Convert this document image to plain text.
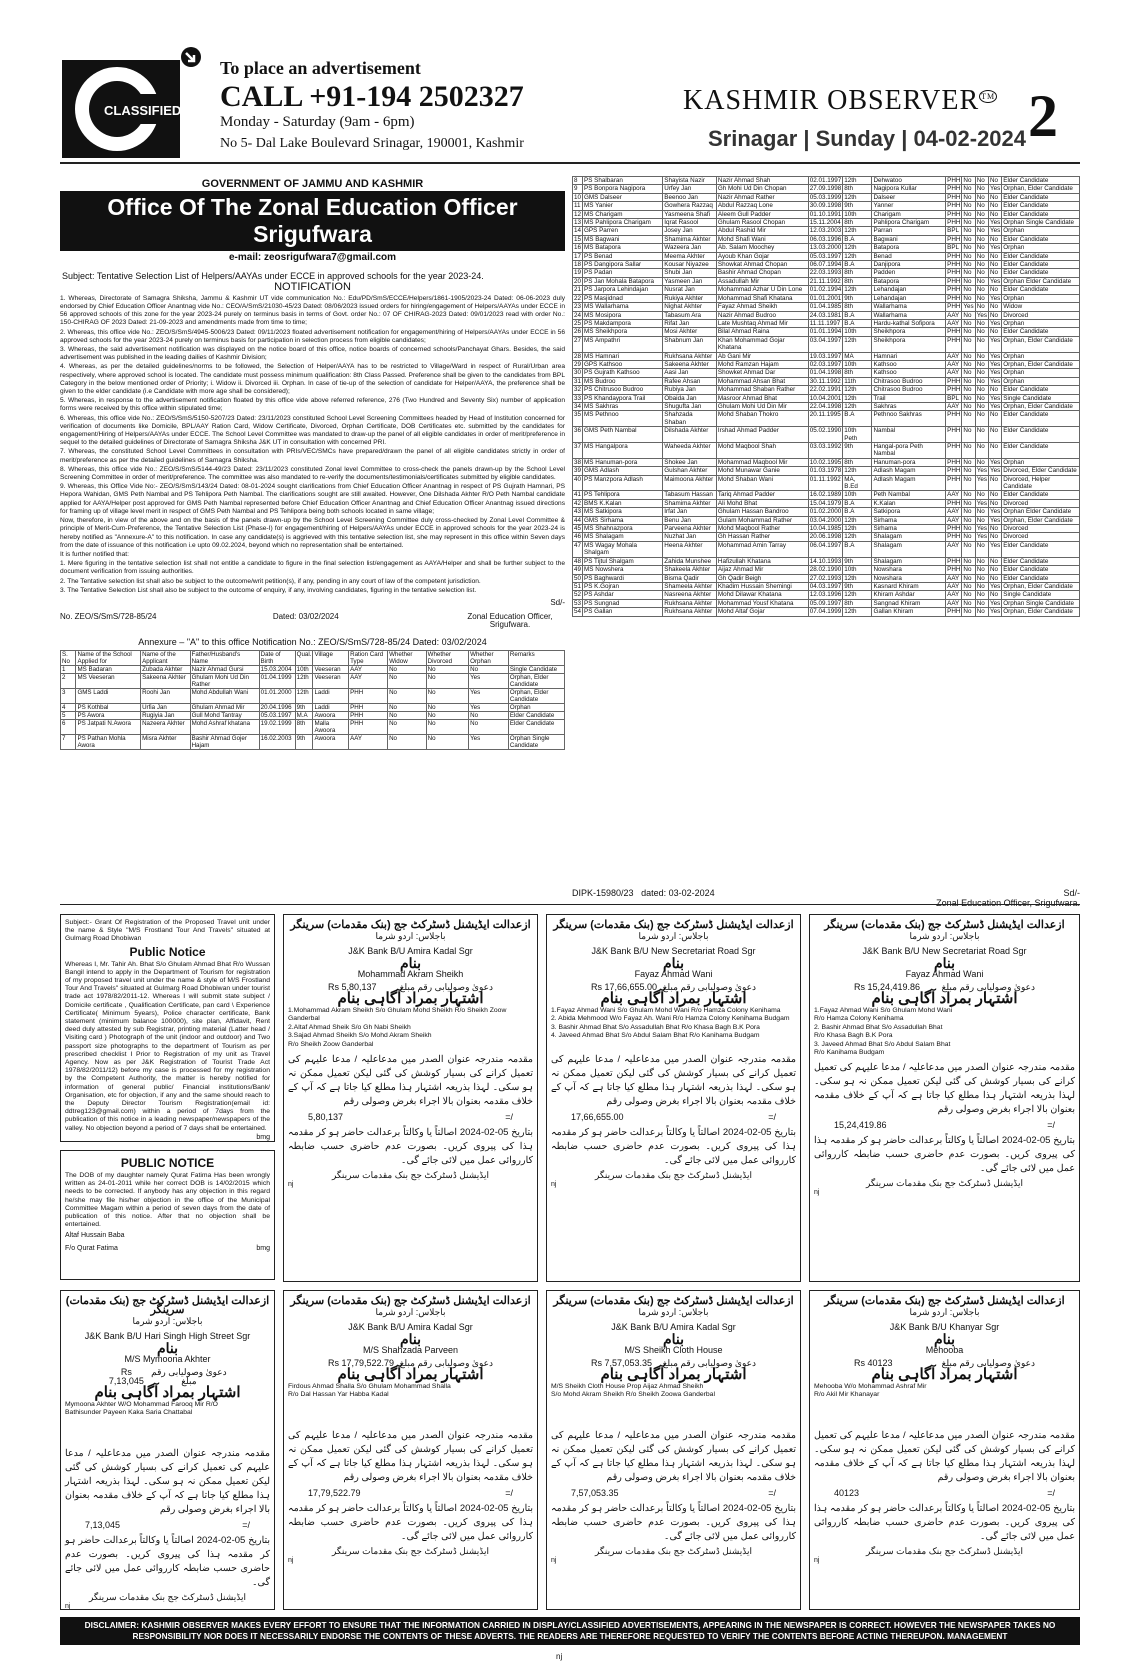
CLASSIFIED
To place an advertisement
CALL +91-194 2502327
Monday - Saturday (9am - 6pm)
No 5- Dal Lake Boulevard Srinagar, 190001, Kashmir
KASHMIR OBSERVER ™
Srinagar | Sunday | 04-02-2024 2
GOVERNMENT OF JAMMU AND KASHMIR
Office Of The Zonal Education Officer Srigufwara
e-mail: zeosrigufwara7@gmail.com
Subject: Tentative Selection List of Helpers/AAYAs under ECCE in approved schools for the year 2023-24.
NOTIFICATION
1. Whereas, Directorate of Samagra Shiksha, Jammu & Kashmir UT vide communication No.: Edu/PD/SmS/ECCE/Helpers/1861-1905/2023-24 Dated: 06-06-2023 duly endorsed by Chief Education Officer Anantnag vide No.: CEO/A/SmS/21030-45/23 Dated: 08/06/2023 issued orders for hiring/engagement of Helpers/AAYAs under ECCE in 56 approved schools of this zone for the year 2023-24 purely on terminus basis in terms of Govt. order No.: 07 OF CHIRAG-2023 Dated: 09/01/2023 read with order No.: 150-CHIRAG OF 2023 Dated: 21-09-2023 and amendments made from time to time;
2. Whereas, this office vide No.: ZEO/S/SmS/4945-5006/23 Dated: 09/11/2023 floated advertisement notification for engagement/hiring of Helpers/AAYAs under ECCE in 56 approved schools for the year 2023-24 purely on terminus basis for participation in selection process from eligible candidates;
3. Whereas, the said advertisement notification was displayed on the notice board of this office, notice boards of concerned schools/Panchayat Ghars. Besides, the said advertisement was published in the leading dailies of Kashmir Division;
4. Whereas, as per the detailed guidelines/norms to be followed, the Selection of Helper/AAYA has to be restricted to Village/Ward in respect of Rural/Urban area respectively, where approved school is located. The candidate must possess minimum qualification: 8th Class Passed. Preference shall be given to the candidates from BPL Category in the below mentioned order of Priority; i. Widow ii. Divorced iii. Orphan. In case of tie-up of the selection of candidate for Helper/AAYA, the preference shall be given to the elder candidate (i.e Candidate with more age shall be considered);
5. Whereas, in response to the advertisement notification floated by this office vide above referred reference, 276 (Two Hundred and Seventy Six) number of application forms were received by this office within stipulated time;
6. Whereas, this office vide No.: ZEO/S/SmS/5150-5207/23 Dated: 23/11/2023 constituted School Level Screening Committees headed by Head of Institution concerned for verification of documents like Domicile, BPL/AAY Ration Card, Widow Certificate, Divorced, Orphan Certificate, DOB Certificates etc. submitted by the candidates for engagement/Hiring of Helpers/AAYAs under ECCE. The School Level Committee was mandated to draw-up the panel of all eligible candidates in order of merit/preference in sequel to the detailed guidelines of Directorate of Samagra Shiksha J&K UT in consultation with concerned PRI.
7. Whereas, the constituted School Level Committees in consultation with PRIs/VEC/SMCs have prepared/drawn the panel of all eligible candidates strictly in order of merit/preference as per the detailed guidelines of Samagra Shiksha.
8. Whereas, this office vide No.: ZEO/S/SmS/5144-49/23 Dated: 23/11/2023 constituted Zonal level Committee to cross-check the panels drawn-up by the School Level Screening Committee in order of merit/preference. The committee was also mandated to re-verify the documents/testimonials/certificates submitted by eligible candidates.
9. Whereas, this Office Vide No:- ZEO/S/SmS/143/24 Dated: 08-01-2024 sought clarifications from Chief Education Officer Anantnag in respect of PS Gujrath Hamnari, PS Hepora Wahidan, GMS Peth Nambal and PS Tehlipora Peth Nambal. The clarifications sought are still awaited. However, One Dilshada Akhter R/O Peth Nambal candidate applied for AAYA/Helper post approved for GMS Peth Nambal represented before Chief Education Officer Anantnag and Chief Education Officer Anantnag issued directions for framing up of village level merit in respect of GMS Peth Nambal and PS Tehlipora being both schools located in same village;
Now, therefore, in view of the above and on the basis of the panels drawn-up by the School Level Screening Committee duly cross-checked by Zonal Level Committee & principle of Merit-Cum-Preference, the Tentative Selection List (Phase-I) for engagement/hiring of Helpers/AAYAs under ECCE in approved schools for the year 2023-24 is hereby notified as "Annexure-A" to this notification. In case any candidate(s) is aggrieved with this tentative selection list, she may represent in this office within Seven days from the date of issuance of this notification i.e upto 09.02.2024, beyond which no representation shall be entertained.
It is further notified that:
1. Mere figuring in the tentative selection list shall not entitle a candidate to figure in the final selection list/engagement as AAYA/Helper and shall be further subject to the document verification from issuing authorities.
2. The Tentative selection list shall also be subject to the outcome/writ petition(s), if any, pending in any court of law of the competent jurisdiction.
3. The Tentative Selection List shall also be subject to the outcome of enquiry, if any, involving candidates, figuring in the tentative selection list.
Sd/-
No. ZEO/S/SmS/728-85/24	Dated: 03/02/2024	Zonal Education Officer, Srigufwara.
Annexure – "A" to this office Notification No.: ZEO/S/SmS/728-85/24 Dated: 03/02/2024
S. No	Name of the School Applied for	Name of the Applicant	Father/Husband's Name	Date of Birth	Qual.	Village	Ration Card Type	Whether Widow	Whether Divorced	Whether Orphan	Remarks
1	MS Badaran	Zubada Akhter	Nazir Ahmad Gursi	15.03.2004	10th	Veeseran	AAY	No	No	No	Single Candidate
2	MS Veeseran	Sakeena Akhter	Ghulam Mohi Ud Din Rather	01.04.1999	12th	Veeseran	AAY	No	No	Yes	Orphan, Elder Candidate
3	GMS Laddi	Roohi Jan	Mohd Abdullah Wani	01.01.2000	12th	Laddi	PHH	No	No	Yes	Orphan, Elder Candidate
4	PS Kothbal	Urfia Jan	Ghulam Ahmad Mir	20.04.1996	9th	Laddi	PHH	No	No	Yes	Orphan
5	PS Awora	Rugiyia Jan	Gull Mohd Tantray	05.03.1997	M.A	Awoora	PHH	No	No	No	Elder Candidate
6	PS Jatpati N.Awora	Nazeera Akhter	Mohd Ashraf khatana	19.02.1999	8th	Malla Awoora	PHH	No	No	No	Elder Candidate
7	PS Pathan Mohla Awora	Misra Akhter	Bashir Ahmad Gojer Hajam	16.02.2003	9th	Awoora	AAY	No	No	Yes	Orphan Single Candidate
8	PS Shalbaran	Shayista Nazir	Nazir Ahmad Shah	02.01.1997	12th	Dehwatoo	PHH	No	No	No	Elder Candidate
9	PS Bonpora Nagipora	Urfey Jan	Gh Mohi Ud Din Chopan	27.09.1998	8th	Nagipora Kullar	PHH	No	No	Yes	Orphan, Elder Candidate
10	GMS Dalseer	Beenoo Jan	Nazir Ahmad Rather	05.03.1999	12th	Dalseer	PHH	No	No	No	Elder Candidate
11	MS Yanier	Gowhera Razzaq	Abdul Razzaq Lone	30.09.1998	9th	Yanner	PHH	No	No	No	Elder Candidate
12	MS Charigam	Yasmeena Shafi	Aleem Gull Padder	01.10.1991	10th	Charigam	PHH	No	No	No	Elder Candidate
13	MS Pahlipora Charigam	Iqrat Rasool	Ghulam Rasool Chopan	15.11.2004	8th	Pahlipora Charigam	PHH	No	No	Yes	Orphan Single Candidate
14	GPS Parren	Josey Jan	Abdul Rashid Mir	12.03.2003	12th	Parran	BPL	No	No	Yes	Orphan
15	MS Bagwani	Shamima Akhter	Mohd Shafi Wani	06.03.1996	B.A	Bagwani	PHH	No	No	No	Elder Candidate
16	MS Batapora	Wazeera Jan	Ab. Salam Moochey	13.03.2000	12th	Batapora	BPL	No	No	Yes	Orphan
17	PS Benad	Meema Akhter	Ayoub Khan Gojar	05.03.1997	12th	Benad	PHH	No	No	No	Elder Candidate
18	PS Dangipora Sallar	Kousar Niyazee	Showkat Ahmad Chopan	06.07.1994	B.A	Danjipora	PHH	No	No	No	Elder Candidate
19	PS Padan	Shubi Jan	Bashir Ahmad Chopan	22.03.1993	8th	Padden	PHH	No	No	No	Elder Candidate
20	PS Jan Mohala Batapora	Yasmeen Jan	Assadullah Mir	21.11.1992	8th	Batapora	PHH	No	No	Yes	Orphan Elder Candidate
21	PS Jarpora Lehindajan	Nusrat Jan	Mohammad Azhar U Din Lone	01.02.1994	12th	Lehandajan	PHH	No	No	No	Elder Candidate
22	PS Masjidnad	Rukiya Akhter	Mohammad Shafi Khatana	01.01.2001	9th	Lehandajan	PHH	No	No	Yes	Orphan
23	MS Wallarhama	Nighat Akhter	Fayaz Ahmad Sheikh	01.04.1985	8th	Wallarhama	PHH	Yes	No	No	Widow
24	MS Mosipora	Tabasum Ara	Nazir Ahmad Budroo	24.03.1981	B.A	Wallarhama	AAY	No	Yes	No	Divorced
25	PS Makdampora	Rifat Jan	Late Mushtaq Ahmad Mir	11.11.1997	B.A	Hardu-kathal Sofipora	AAY	No	No	Yes	Orphan
26	MS Sheikhpora	Mosi Akhter	Bilal Ahmad Raina	01.01.1994	10th	Sheikhpora	PHH	No	No	No	Elder Candidate
27	MS Ampathri	Shabnum Jan	Khan Mohammad Gojar Khatana	03.04.1997	12th	Sheikhpora	PHH	No	No	Yes	Orphan, Elder Candidate
28	MS Hamnari	Rukhsana Akhter	Ab Gani Mir	19.03.1997	MA	Hamnari	AAY	No	No	Yes	Orphan
29	GPS Kathsoo	Sakeena Akhter	Mohd Ramzan Hajam	02.03.1997	10th	Kathsoo	AAY	No	No	Yes	Orphan, Elder Candidate
30	PS Gujrath Kathsoo	Aasi Jan	Showket Ahmad Dar	01.04.1998	8th	Kathsoo	AAY	No	No	Yes	Orphan
31	MS Budroo	Rafee Ahsan	Mohammad Ahsan Bhat	30.11.1992	11th	Chitrasoo Budroo	PHH	No	No	Yes	Orphan
32	PS Chitrusoo Budroo	Rubiya Jan	Mohammad Shaban Rather	22.02.1991	12th	Chitrasoo Budroo	PHH	No	No	No	Elder Candidate
33	PS Khandaypora Trail	Obaida Jan	Masroor Ahmad Bhat	10.04.2001	12th	Trail	BPL	No	No	Yes	Single Candidate
34	MS Sakhras	Shugufta Jan	Ghulam Mohi Ud Din Mir	22.04.1998	12th	Sakhras	AAY	No	No	Yes	Orphan, Elder Candidate
35	MS Pethnoo	Shahzada Shaban	Mohd Shaban Thokro	20.11.1995	B.A	Pethnoo Sakhras	PHH	No	No	No	Elder Candidate
36	GMS Peth Nambal	Dilshada Akhter	Irshad Ahmad Padder	05.02.1990	10th Peth	Nambal	PHH	No	No	No	Elder Candidate
37	MS Hangalpora	Waheeda Akhter	Mohd Maqbool Shah	03.03.1992	9th	Hangal-pora Peth Nambal	PHH	No	No	No	Elder Candidate
38	MS Hanuman-pora	Shokee Jan	Mohammad Maqbool Mir	10.02.1995	8th	Hanuman-pora	PHH	No	No	Yes	Orphan
39	GMS Adlash	Gulshan Akhter	Mohd Munawar Ganie	01.03.1978	12th	Adlash Magam	PHH	No	Yes	Yes	Divorced, Elder Candidate
40	PS Manzpora Adlash	Maimoona Akhter	Mohd Shaban Wani	01.11.1992	MA, B.Ed	Adlash Magam	PHH	No	Yes	No	Divorced, Helper Candidate
41	PS Tehlipora	Tabasum Hassan	Tariq Ahmad Padder	16.02.1989	10th	Peth Nambal	AAY	No	No	No	Elder Candidate
42	BMS K.Kalan	Shamima Akhter	Ali Mohd Bhat	15.04.1979	B.A	K.Kalan	PHH	No	Yes	No	Divorced
43	MS Satkipora	Irfat Jan	Ghulam Hassan Bandroo	01.02.2000	B.A	Satkipora	AAY	No	No	Yes	Orphan Elder Candidate
44	GMS Sirhama	Benu Jan	Gulam Mohammad Rather	03.04.2000	12th	Sirhama	AAY	No	No	Yes	Orphan, Elder Candidate
45	MS Shahnazpora	Parveena Akhter	Mohd Maqbool Rather	10.04.1985	12th	Sirhama	PHH	No	Yes	No	Divorced
46	MS Shalagam	Nuzhat Jan	Gh Hassan Rather	20.06.1998	12th	Shalagam	PHH	No	Yes	No	Divorced
47	MS Wagay Mohala Shalgam	Heena Akhter	Mohammad Amin Tarray	06.04.1997	B.A	Shalagam	AAY	No	No	Yes	Elder Candidate
48	PS Tijtul Shalgam	Zahida Munshee	Hafizullah Khatana	14.10.1993	9th	Shalagam	PHH	No	No	No	Elder Candidate
49	MS Nowshera	Shakeela Akhter	Aijaz Ahmad Mir	28.02.1990	10th	Nowshara	PHH	No	No	No	Elder Candidate
50	PS Baghwardi	Bisma Qadir	Gh Qadir Beigh	27.02.1993	12th	Nowshara	AAY	No	No	No	Elder Candidate
51	PS K.Gojran	Shameela Akhter	Khadim Hussain Shemingi	04.03.1997	9th	Kasnard Khiram	AAY	No	No	Yes	Orphan, Elder Candidate
52	PS Ashdar	Nasreena Akhter	Mohd Dilawar Khatana	12.03.1996	12th	Khiram Ashdar	AAY	No	No	No	Single Candidate
53	PS Sungnad	Rukhsana Akhter	Mohammad Yousf Khatana	05.09.1997	8th	Sangnad Khiram	AAY	No	No	Yes	Orphan Single Candidate
54	PS Gallan	Rukhsana Akhter	Mohd Altaf Gojar	07.04.1999	12th	Gallan Khiram	PHH	No	No	Yes	Orphan, Elder Candidate
DIPK-15980/23 dated: 03-02-2024	Sd/-
Zonal Education Officer, Srigufwara.
Subject:- Grant Of Registration of the Proposed Travel unit under the name & Style "M/S Frostland Tour And Travels" situated at Gulmarg Road Dhobiwan
Public Notice
Whereas I, Mr. Tahir Ah. Bhat S/o Ghulam Ahmad Bhat R/o Wussan Bangil intend to apply in the Department of Tourism for registration of my proposed travel unit under the name & style of M/S Frostland Tour And Travels" situated at Gulmarg Road Dhobiwan under tourist trade act 1978/82/2011-12. Whereas I will submit state subject / Domicile certificate , Qualification Certificate, pan card \ Experience Certificate( Minimum 5years), Police character certificate, Bank statement (minimum balance 100000), site plan, Affidavit, Rent deed duly attested by sub Registrar, printing material (Latter head / Visiting card ) Photograph of the unit (indoor and outdoor) and Two passport size photographs to the department of Tourism as per prescribed checklist I Prior to Registration of my unit as Travel Agency. Now as per J&K Registration of Tourist Trade Act 1978/82/2011/12) before my case is processed for my registration by the Competent Authority, the matter is hereby notified for information of general public/ Financial institutions/Bank/ Organisation, etc for objection, if any and the same should reach to the Deputy Director Tourism Registration(email id: ddtreg123@gmail.com) within a period of 7days from the publication of this notice in a leading newspaper/newspapers of the valley. No objection beyond a period of 7 days shall be entertained.
bmg
PUBLIC NOTICE
The DOB of my daughter namely Qurat Fatima Has been wrongly written as 24-01-2011 while her correct DOB is 14/02/2015 which needs to be corrected. If anybody has any objection in this regard he/she may file his/her objection in the office of the Municipal Committee Magam within a period of seven days from the date of publication of this notice. After that no objection shall be entertained.
Altaf Hussain Baba
F/o Qurat Fatima	bmg
ازعدالت ایڈیشنل ڈسٹرکٹ جج (بنک مقدمات) سرینگر
باجلاس: اردو شرما
J&K Bank B/U Amira Kadal Sgr
بنام
Mohammad Akram Sheikh
Rs 5,80,137	دعویٰ وصولیابی رقم مبلغ
اشتہار بمراد آگاہی بنام
1.Mohammad Akram Sheikh S/o Ghulam Mohd Sheikh R/o Sheikh Zoow Ganderbal
2.Altaf Ahmad Sheik S/o Gh Nabi Sheikh
3.Sajad Ahmad Sheikh S/o Mohd Akram Sheikh
R/o Sheikh Zoow Ganderbal
مقدمہ مندرجہ عنوان الصدر میں مدعاعلیہ / مدعا علیہم کی تعمیل کرانے کی بسیار کوشش کی گئی لیکن تعمیل ممکن نہ ہو سکی۔ لہذا بذریعہ اشتہار ہذا مطلع کیا جاتا ہے کہ آپ کے خلاف مقدمہ بعنوان بالا اجراء بغرض وصولی رقم
5,80,137	=/
بتاریخ 05-02-2024 اصالتاً یا وکالتاً برعدالت حاضر ہو کر مقدمہ ہذا کی پیروی کریں۔ بصورت عدم حاضری حسب ضابطہ کارروائی عمل میں لائی جائے گی۔
ایڈیشنل ڈسٹرکٹ جج بنک مقدمات سرینگر
nj
ازعدالت ایڈیشنل ڈسٹرکٹ جج (بنک مقدمات) سرینگر
باجلاس: اردو شرما
J&K Bank B/U New Secretariat Road Sgr
بنام
Fayaz Ahmad Wani
Rs 17,66,655.00 دعویٰ وصولیابی رقم مبلغ
اشتہار بمراد آگاہی بنام
1.Fayaz Ahmad Wani S/o Ghulam Mohd Wani R/o Hamza Colony Kenihama
2. Abida Mehmood W/o Fayaz Ah. Wani R/o Hamza Colony Kenihama Budgam
3. Bashir Ahmad Bhat S/o Assadullah Bhat R/o Khasa Bagh B.K Pora
4. Javeed Ahmad Bhat S/o Abdul Salam Bhat R/o Kanihama Budgam
مقدمہ مندرجہ عنوان الصدر میں مدعاعلیہ / مدعا علیہم کی تعمیل کرانے کی بسیار کوشش کی گئی لیکن تعمیل ممکن نہ ہو سکی۔ لہذا بذریعہ اشتہار ہذا مطلع کیا جاتا ہے کہ آپ کے خلاف مقدمہ بعنوان بالا اجراء بغرض وصولی رقم
17,66,655.00	=/
بتاریخ 05-02-2024 اصالتاً یا وکالتاً برعدالت حاضر ہو کر مقدمہ ہذا کی پیروی کریں۔ بصورت عدم حاضری حسب ضابطہ کارروائی عمل میں لائی جائے گی۔
ایڈیشنل ڈسٹرکٹ جج بنک مقدمات سرینگر
nj
ازعدالت ایڈیشنل ڈسٹرکٹ جج (بنک مقدمات) سرینگر
باجلاس: اردو شرما
J&K Bank B/U New Secretariat Road Sgr
بنام
Fayaz Ahmad Wani
Rs 15,24,419.86 دعویٰ وصولیابی رقم مبلغ
اشتہار بمراد آگاہی بنام
1.Fayaz Ahmad Wani S/o Ghulam Mohd Wani
R/o Hamza Colony Kenihama
2. Bashir Ahmad Bhat S/o Assadullah Bhat
R/o Khasa Bagh B.K Pora
3. Javeed Ahmad Bhat S/o Abdul Salam Bhat
R/o Kanihama Budgam
مقدمہ مندرجہ عنوان الصدر میں مدعاعلیہ / مدعا علیہم کی تعمیل کرانے کی بسیار کوشش کی گئی لیکن تعمیل ممکن نہ ہو سکی۔ لہذا بذریعہ اشتہار ہذا مطلع کیا جاتا ہے کہ آپ کے خلاف مقدمہ بعنوان بالا اجراء بغرض وصولی رقم
15,24,419.86	=/
بتاریخ 05-02-2024 اصالتاً یا وکالتاً برعدالت حاضر ہو کر مقدمہ ہذا کی پیروی کریں۔ بصورت عدم حاضری حسب ضابطہ کارروائی عمل میں لائی جائے گی۔
ایڈیشنل ڈسٹرکٹ جج بنک مقدمات سرینگر
nj
ازعدالت ایڈیشنل ڈسٹرکٹ جج (بنک مقدمات) سرینگر
باجلاس: اردو شرما
J&K Bank B/U Hari Singh High Street Sgr
بنام
M/S Mymoona Akhter
Rs 7,13,045
دعویٰ وصولیابی رقم مبلغ
اشتہار بمراد آگاہی بنام
Mymoona Akhter W/O Mohammad Farooq Mir R/O
Bathisunder Payeen Kaka Saria Chattabal
مقدمہ مندرجہ عنوان الصدر میں مدعاعلیہ / مدعا علیہم کی تعمیل کرانے کی بسیار کوشش کی گئی لیکن تعمیل ممکن نہ ہو سکی۔ لہذا بذریعہ اشتہار ہذا مطلع کیا جاتا ہے کہ آپ کے خلاف مقدمہ بعنوان بالا اجراء بغرض وصولی رقم
7,13,045	=/
بتاریخ 05-02-2024 اصالتاً یا وکالتاً برعدالت حاضر ہو کر مقدمہ ہذا کی پیروی کریں۔ بصورت عدم حاضری حسب ضابطہ کارروائی عمل میں لائی جائے گی۔
ایڈیشنل ڈسٹرکٹ جج بنک مقدمات سرینگر
nj
ازعدالت ایڈیشنل ڈسٹرکٹ جج (بنک مقدمات) سرینگر
باجلاس: اردو شرما
J&K Bank B/U Amira Kadal Sgr
بنام
M/S Shahzada Parveen
Rs 17,79,522.79 دعویٰ وصولیابی رقم مبلغ
اشتہار بمراد آگاہی بنام
Firdous Ahmad Shalla S/o Ghulam Mohammad Shalla
R/o Dal Hassan Yar Habba Kadal
مقدمہ مندرجہ عنوان الصدر میں مدعاعلیہ / مدعا علیہم کی تعمیل کرانے کی بسیار کوشش کی گئی لیکن تعمیل ممکن نہ ہو سکی۔ لہذا بذریعہ اشتہار ہذا مطلع کیا جاتا ہے کہ آپ کے خلاف مقدمہ بعنوان بالا اجراء بغرض وصولی رقم
17,79,522.79	=/
بتاریخ 05-02-2024 اصالتاً یا وکالتاً برعدالت حاضر ہو کر مقدمہ ہذا کی پیروی کریں۔ بصورت عدم حاضری حسب ضابطہ کارروائی عمل میں لائی جائے گی۔
ایڈیشنل ڈسٹرکٹ جج بنک مقدمات سرینگر
nj
ازعدالت ایڈیشنل ڈسٹرکٹ جج (بنک مقدمات) سرینگر
باجلاس: اردو شرما
J&K Bank B/U Amira Kadal Sgr
بنام
M/S Sheikh Cloth House
Rs 7,57,053.35 دعویٰ وصولیابی رقم مبلغ
اشتہار بمراد آگاہی بنام
M/S Sheikh Cloth House Prop Aijaz Ahmad Sheikh
S/o Mohd Akram Sheikh R/o Sheikh Zoowa Ganderbal
مقدمہ مندرجہ عنوان الصدر میں مدعاعلیہ / مدعا علیہم کی تعمیل کرانے کی بسیار کوشش کی گئی لیکن تعمیل ممکن نہ ہو سکی۔ لہذا بذریعہ اشتہار ہذا مطلع کیا جاتا ہے کہ آپ کے خلاف مقدمہ بعنوان بالا اجراء بغرض وصولی رقم
7,57,053.35	=/
بتاریخ 05-02-2024 اصالتاً یا وکالتاً برعدالت حاضر ہو کر مقدمہ ہذا کی پیروی کریں۔ بصورت عدم حاضری حسب ضابطہ کارروائی عمل میں لائی جائے گی۔
ایڈیشنل ڈسٹرکٹ جج بنک مقدمات سرینگر
nj
ازعدالت ایڈیشنل ڈسٹرکٹ جج (بنک مقدمات) سرینگر
باجلاس: اردو شرما
J&K Bank B/U Khanyar Sgr
بنام
Mehooba
Rs 40123	دعویٰ وصولیابی رقم مبلغ
اشتہار بمراد آگاہی بنام
Mehooba W/o Mohammad Ashraf Mir
R/o Akil Mir Khanayar
مقدمہ مندرجہ عنوان الصدر میں مدعاعلیہ / مدعا علیہم کی تعمیل کرانے کی بسیار کوشش کی گئی لیکن تعمیل ممکن نہ ہو سکی۔ لہذا بذریعہ اشتہار ہذا مطلع کیا جاتا ہے کہ آپ کے خلاف مقدمہ بعنوان بالا اجراء بغرض وصولی رقم
40123	=/
بتاریخ 05-02-2024 اصالتاً یا وکالتاً برعدالت حاضر ہو کر مقدمہ ہذا کی پیروی کریں۔ بصورت عدم حاضری حسب ضابطہ کارروائی عمل میں لائی جائے گی۔
ایڈیشنل ڈسٹرکٹ جج بنک مقدمات سرینگر
nj
DISCLAIMER: KASHMIR OBSERVER MAKES EVERY EFFORT TO ENSURE THAT THE INFORMATION CARRIED IN DISPLAY/CLASSIFIED ADVERTISEMENTS, APPEARING IN THE NEWSPAPER IS CORRECT. HOWEVER THE NEWSPAPER TAKES NO RESPONSIBILITY NOR DOES IT NECESSARILY ENDORSE THE CONTENTS OF THESE ADVERTS. THE READERS ARE THEREFORE REQUESTED TO VERIFY THE CONTENTS BEFORE ACTING THEREUPON. MANAGEMENT
nj
